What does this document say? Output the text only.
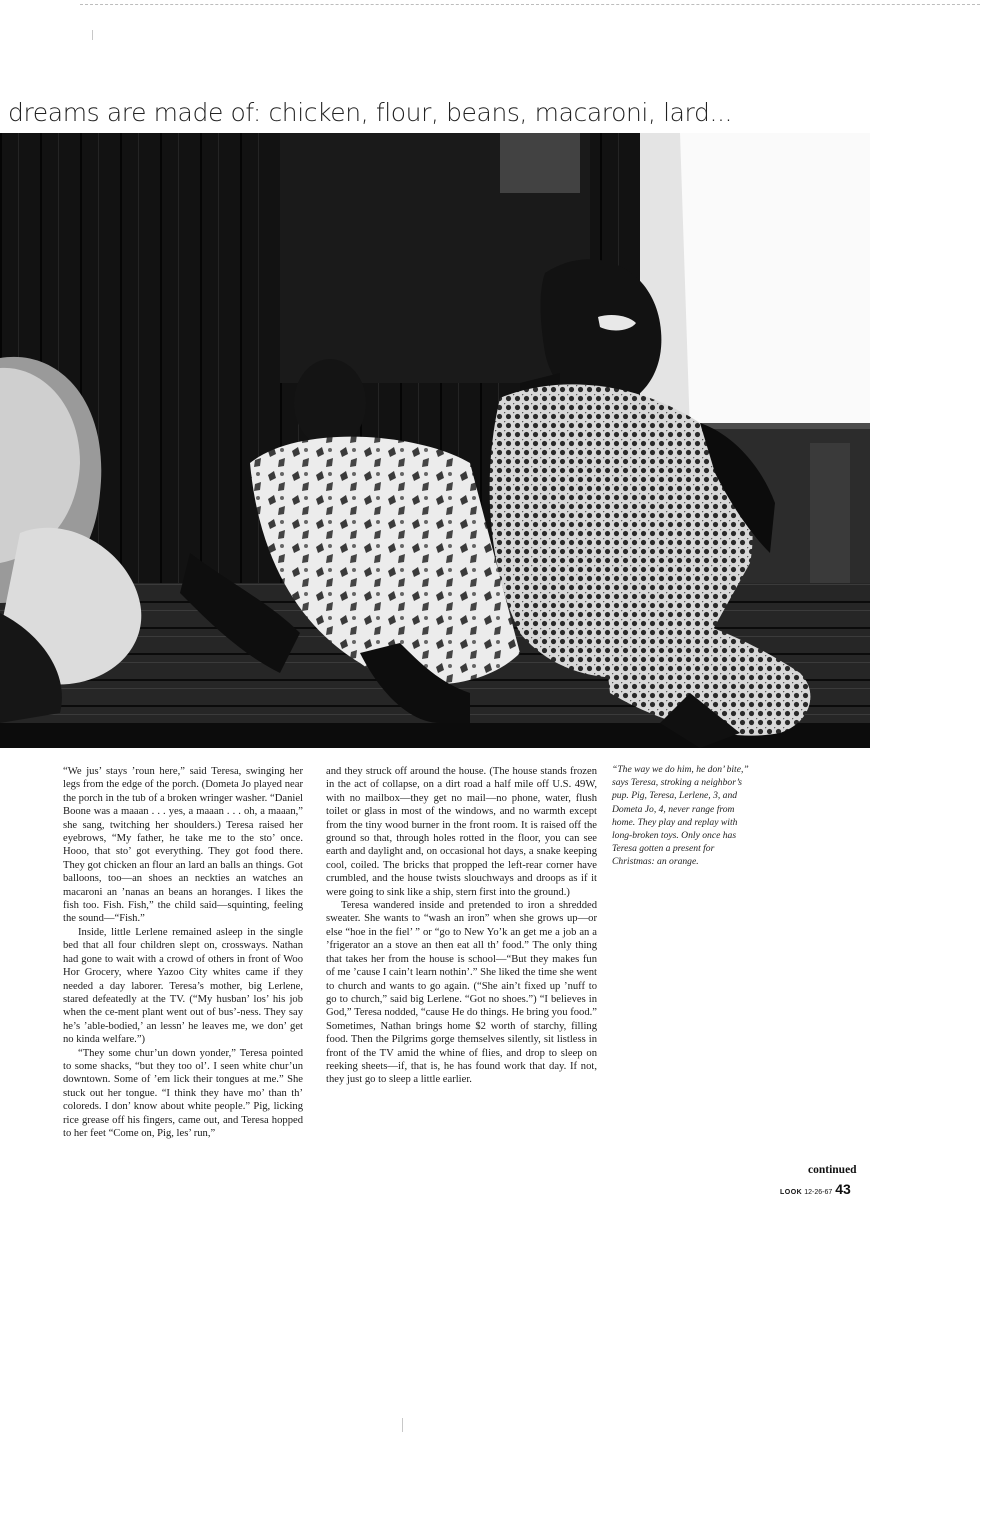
dreams are made of: chicken, flour, beans, macaroni, lard...

“We jus’ stays ’roun here,” said Teresa, swinging her legs from the edge of the porch. (Dometa Jo played near the porch in the tub of a broken wringer washer. “Daniel Boone was a maaan . . . yes, a maaan . . . oh, a maaan,” she sang, twitching her shoulders.) Teresa raised her eyebrows, “My father, he take me to the sto’ once. Hooo, that sto’ got everything. They got food there. They got chicken an flour an lard an balls an things. Got balloons, too—an shoes an neckties an watches an macaroni an ’nanas an beans an horanges. I likes the fish too. Fish. Fish,” the child said—squinting, feeling the sound—“Fish.”

Inside, little Lerlene remained asleep in the single bed that all four children slept on, crossways. Nathan had gone to wait with a crowd of others in front of Woo Hor Grocery, where Yazoo City whites came if they needed a day laborer. Teresa’s mother, big Lerlene, stared defeatedly at the TV. (“My husban’ los’ his job when the ce-ment plant went out of bus’-ness. They say he’s ’able-bodied,’ an lessn’ he leaves me, we don’ get no kinda welfare.”)

“They some chur’un down yonder,” Teresa pointed to some shacks, “but they too ol’. I seen white chur’un downtown. Some of ’em lick their tongues at me.” She stuck out her tongue. “I think they have mo’ than th’ coloreds. I don’ know about white people.” Pig, licking rice grease off his fingers, came out, and Teresa hopped to her feet “Come on, Pig, les’ run,”

and they struck off around the house. (The house stands frozen in the act of collapse, on a dirt road a half mile off U.S. 49W, with no mailbox—they get no mail—no phone, water, flush toilet or glass in most of the windows, and no warmth except from the tiny wood burner in the front room. It is raised off the ground so that, through holes rotted in the floor, you can see earth and daylight and, on occasional hot days, a snake keeping cool, coiled. The bricks that propped the left-rear corner have crumbled, and the house twists slouchways and droops as if it were going to sink like a ship, stern first into the ground.)

Teresa wandered inside and pretended to iron a shredded sweater. She wants to “wash an iron” when she grows up—or else “hoe in the fiel’ ” or “go to New Yo’k an get me a job an a ’frigerator an a stove an then eat all th’ food.” The only thing that takes her from the house is school—“But they makes fun of me ’cause I cain’t learn nothin’.” She liked the time she went to church and wants to go again. (“She ain’t fixed up ’nuff to go to church,” said big Lerlene. “Got no shoes.”) “I believes in God,” Teresa nodded, “cause He do things. He bring you food.” Sometimes, Nathan brings home $2 worth of starchy, filling food. Then the Pilgrims gorge themselves silently, sit listless in front of the TV amid the whine of flies, and drop to sleep on reeking sheets—if, that is, he has found work that day. If not, they just go to sleep a little earlier.

“The way we do him, he don’ bite,” says Teresa, stroking a neighbor’s pup. Pig, Teresa, Lerlene, 3, and Dometa Jo, 4, never range from home. They play and replay with long-broken toys. Only once has Teresa gotten a present for Christmas: an orange.

continued

LOOK 12-26-67 43
